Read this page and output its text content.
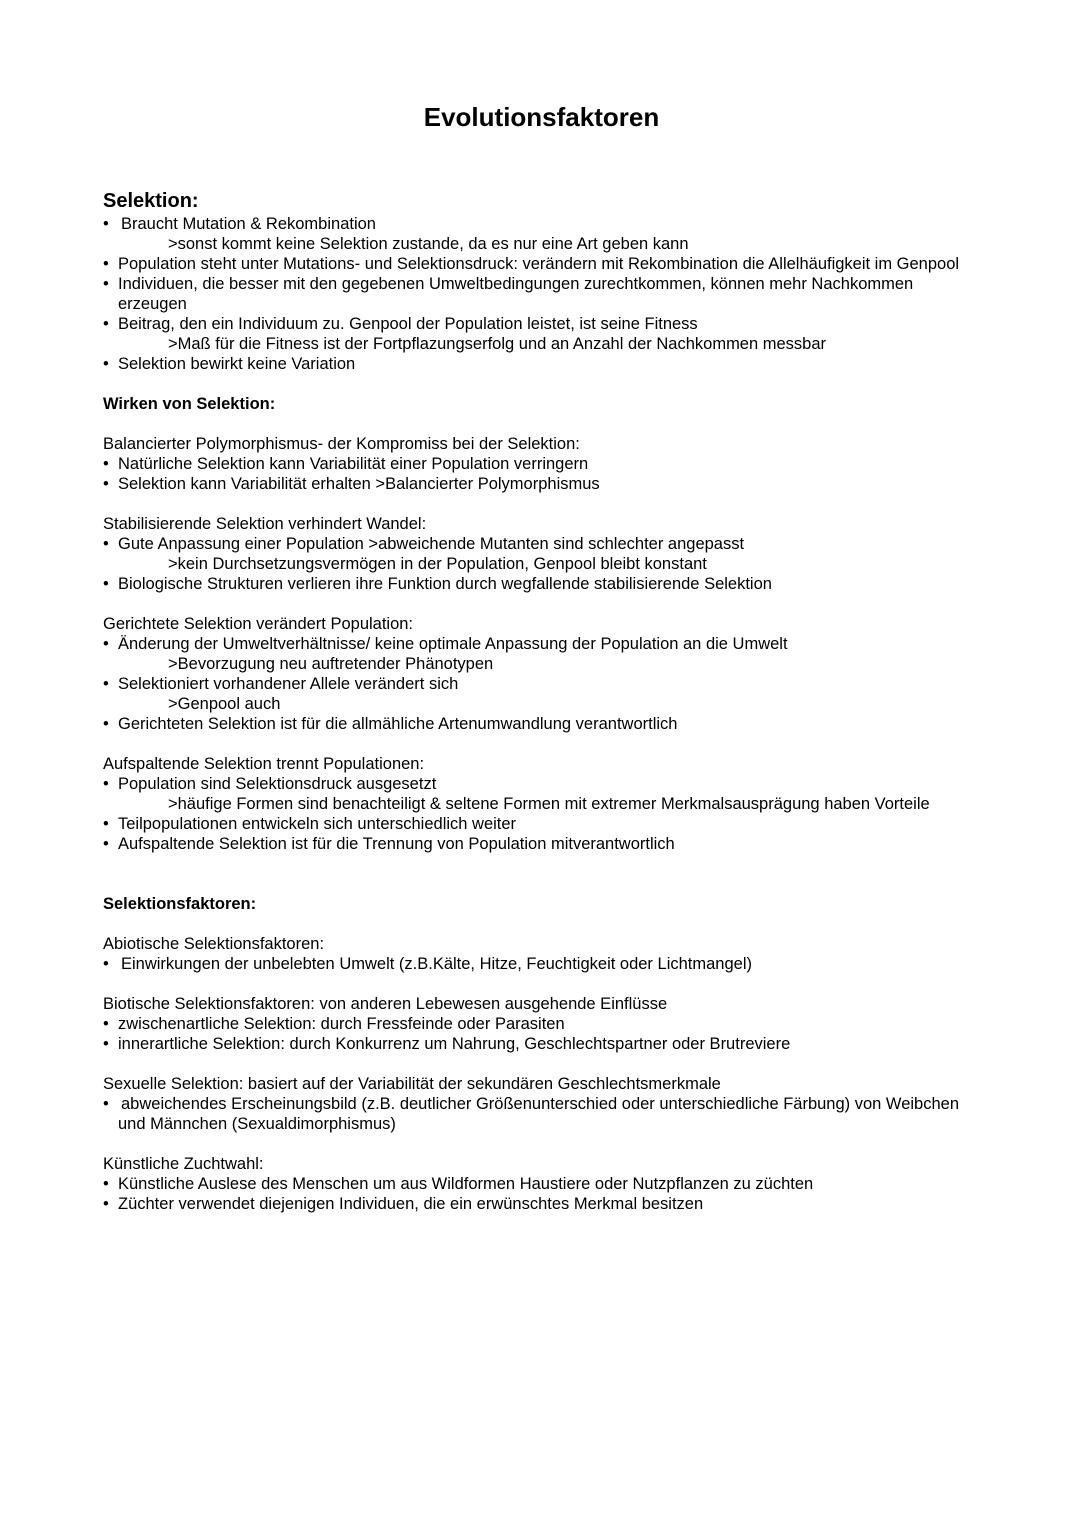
Evolutionsfaktoren
Selektion:
• Braucht Mutation & Rekombination
>sonst kommt keine Selektion zustande, da es nur eine Art geben kann
• Population steht unter Mutations- und Selektionsdruck: verändern mit Rekombination die Allelhäufigkeit im Genpool
• Individuen, die besser mit den gegebenen Umweltbedingungen zurechtkommen, können mehr Nachkommen erzeugen
• Beitrag, den ein Individuum zu. Genpool der Population leistet, ist seine Fitness
>Maß für die Fitness ist der Fortpflazungserfolg und an Anzahl der Nachkommen messbar
• Selektion bewirkt keine Variation
Wirken von Selektion:
Balancierter Polymorphismus- der Kompromiss bei der Selektion:
• Natürliche Selektion kann Variabilität einer Population verringern
• Selektion kann Variabilität erhalten >Balancierter Polymorphismus
Stabilisierende Selektion verhindert Wandel:
• Gute Anpassung einer Population >abweichende Mutanten sind schlechter angepasst
>kein Durchsetzungsvermögen in der Population, Genpool bleibt konstant
• Biologische Strukturen verlieren ihre Funktion durch wegfallende stabilisierende Selektion
Gerichtete Selektion verändert Population:
• Änderung der Umweltverhältnisse/ keine optimale Anpassung der Population an die Umwelt
>Bevorzugung neu auftretender Phänotypen
• Selektioniert vorhandener Allele verändert sich
>Genpool auch
• Gerichteten Selektion ist für die allmähliche Artenumwandlung verantwortlich
Aufspaltende Selektion trennt Populationen:
• Population sind Selektionsdruck ausgesetzt
>häufige Formen sind benachteiligt & seltene Formen mit extremer Merkmalsausprägung haben Vorteile
• Teilpopulationen entwickeln sich unterschiedlich weiter
• Aufspaltende Selektion ist für die Trennung von Population mitverantwortlich
Selektionsfaktoren:
Abiotische Selektionsfaktoren:
• Einwirkungen der unbelebten Umwelt (z.B.Kälte, Hitze, Feuchtigkeit oder Lichtmangel)
Biotische Selektionsfaktoren: von anderen Lebewesen ausgehende Einflüsse
• zwischenartliche Selektion: durch Fressfeinde oder Parasiten
• innerartliche Selektion: durch Konkurrenz um Nahrung, Geschlechtspartner oder Brutreviere
Sexuelle Selektion: basiert auf der Variabilität der sekundären Geschlechtsmerkmale
• abweichendes Erscheinungsbild (z.B. deutlicher Größenunterschied oder unterschiedliche Färbung) von Weibchen und Männchen (Sexualdimorphismus)
Künstliche Zuchtwahl:
• Künstliche Auslese des Menschen um aus Wildformen Haustiere oder Nutzpflanzen zu züchten
• Züchter verwendet diejenigen Individuen, die ein erwünschtes Merkmal besitzen
